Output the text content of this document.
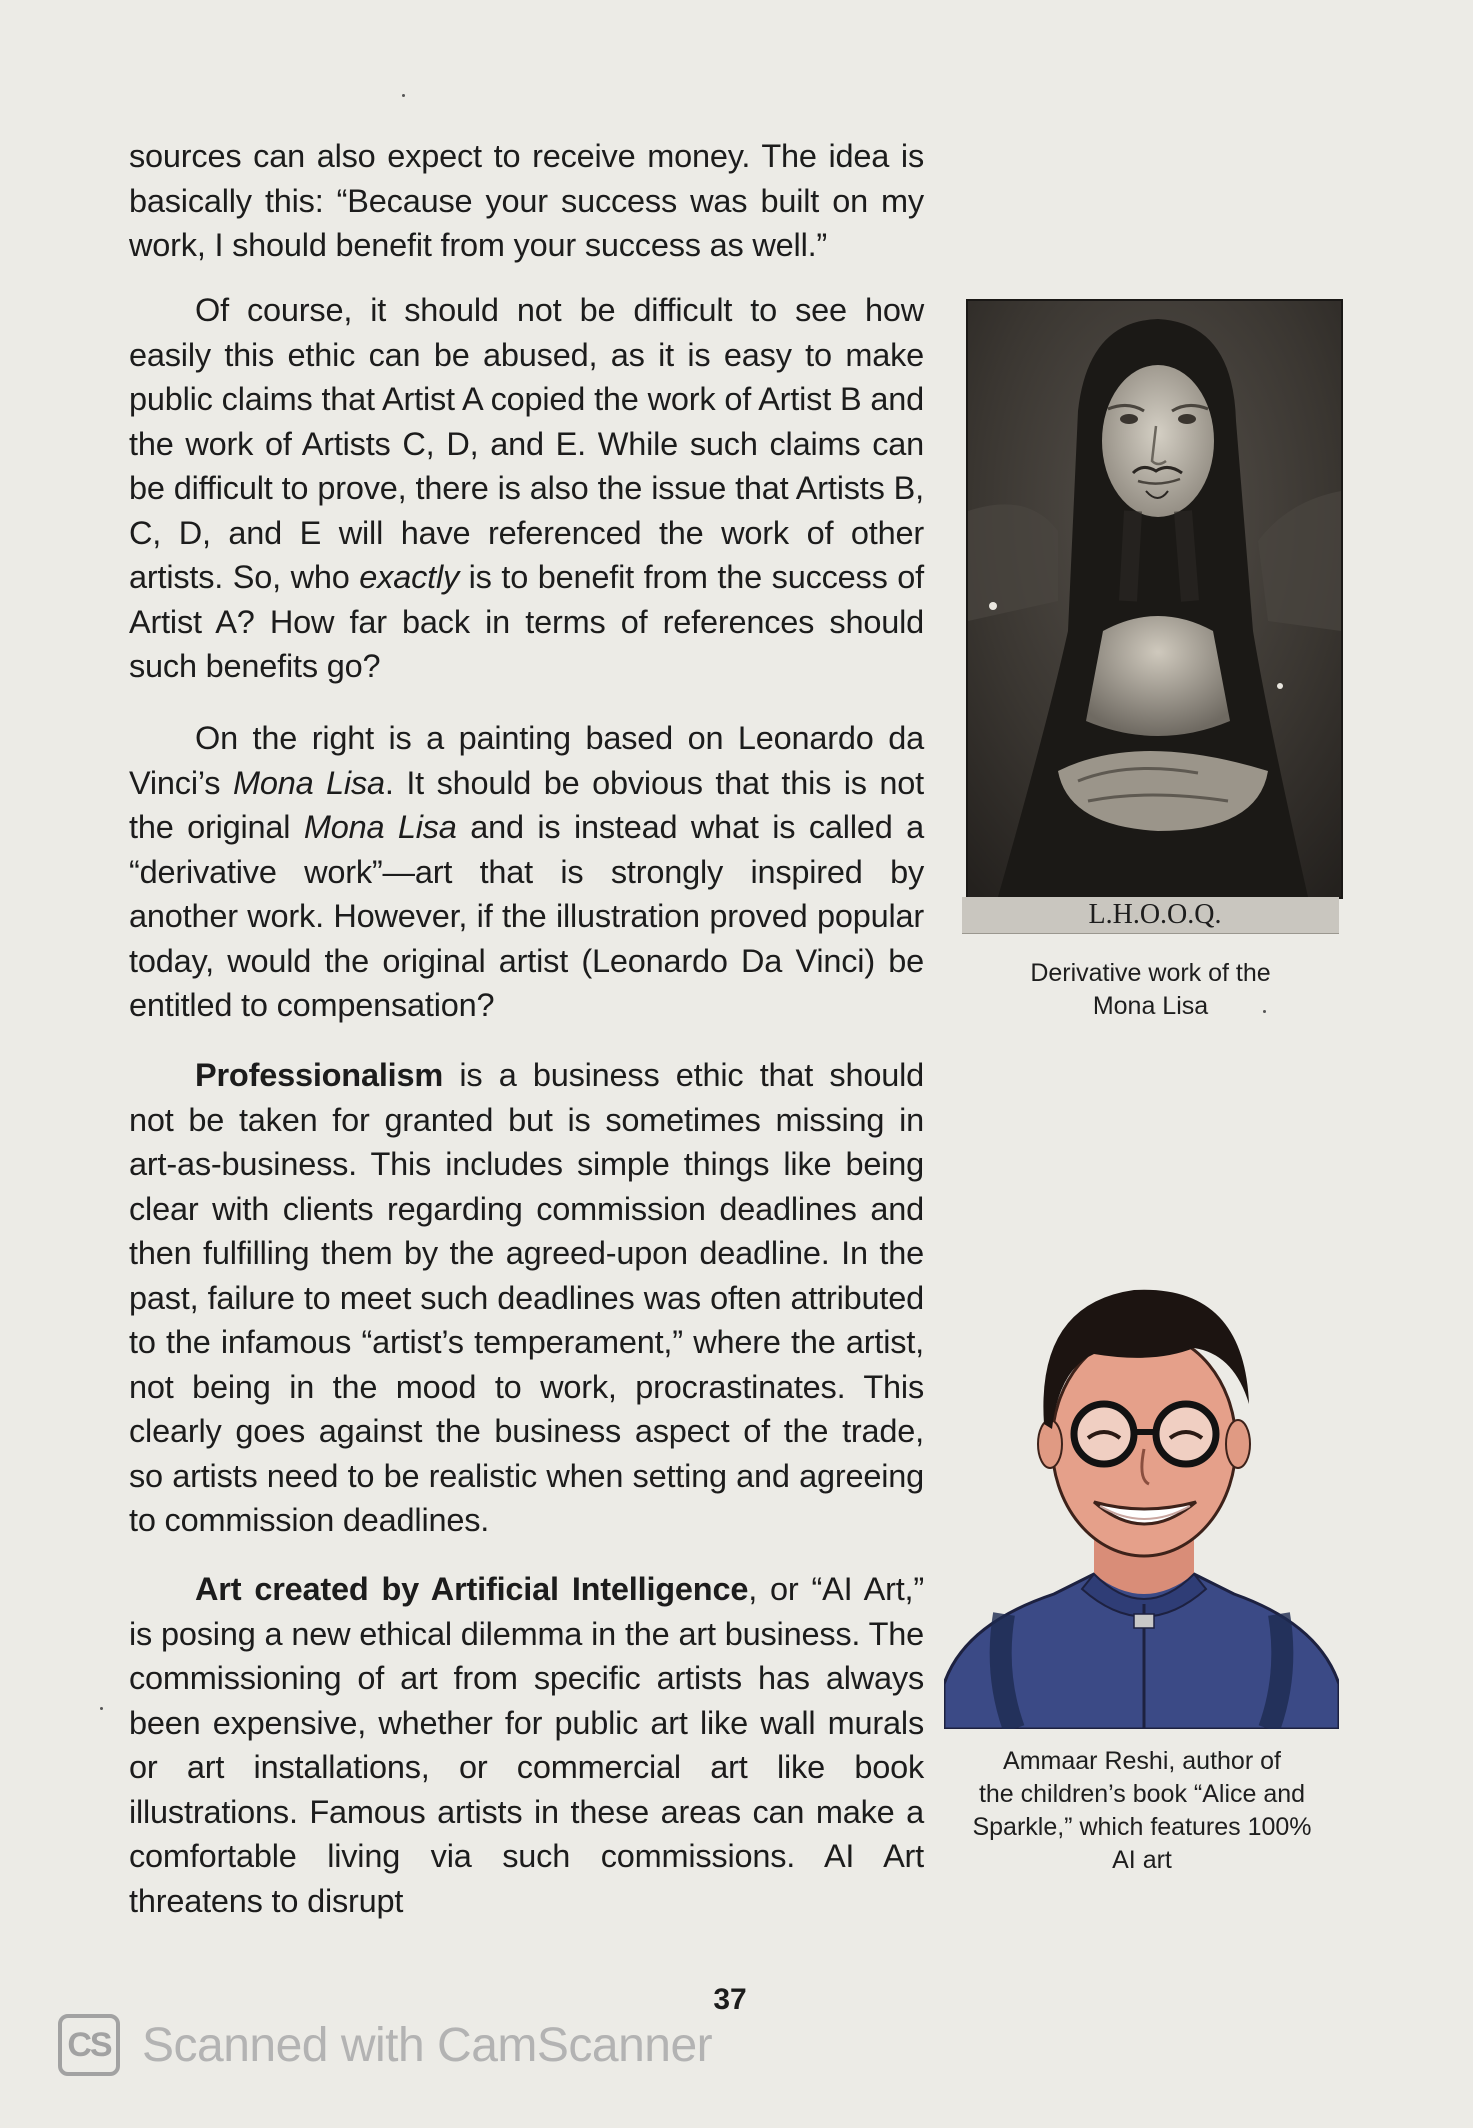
sources can also expect to receive money. The idea is basically this: “Because your success was built on my work, I should benefit from your success as well.”

Of course, it should not be difficult to see how easily this ethic can be abused, as it is easy to make public claims that Artist A copied the work of Artist B and the work of Artists C, D, and E. While such claims can be difficult to prove, there is also the issue that Artists B, C, D, and E will have referenced the work of other artists. So, who exactly is to benefit from the success of Artist A? How far back in terms of references should such benefits go?

On the right is a painting based on Leonardo da Vinci’s Mona Lisa. It should be obvious that this is not the original Mona Lisa and is instead what is called a “derivative work”—art that is strongly inspired by another work. However, if the illustration proved popular today, would the original artist (Leonardo Da Vinci) be entitled to compensation?

Professionalism is a business ethic that should not be taken for granted but is sometimes missing in art-as-business. This includes simple things like being clear with clients regarding commission deadlines and then fulfilling them by the agreed-upon deadline. In the past, failure to meet such deadlines was often attributed to the infamous “artist’s temperament,” where the artist, not being in the mood to work, procrastinates. This clearly goes against the business aspect of the trade, so artists need to be realistic when setting and agreeing to commission deadlines.

Art created by Artificial Intelligence, or “AI Art,” is posing a new ethical dilemma in the art business. The commissioning of art from specific artists has always been expensive, whether for public art like wall murals or art installations, or commercial art like book illustrations. Famous artists in these areas can make a comfortable living via such commissions. AI Art threatens to disrupt

L.H.O.O.Q.
Derivative work of the
Mona Lisa
Ammaar Reshi, author of
the children’s book “Alice and
Sparkle,” which features 100%
AI art
37
CS Scanned with CamScanner
